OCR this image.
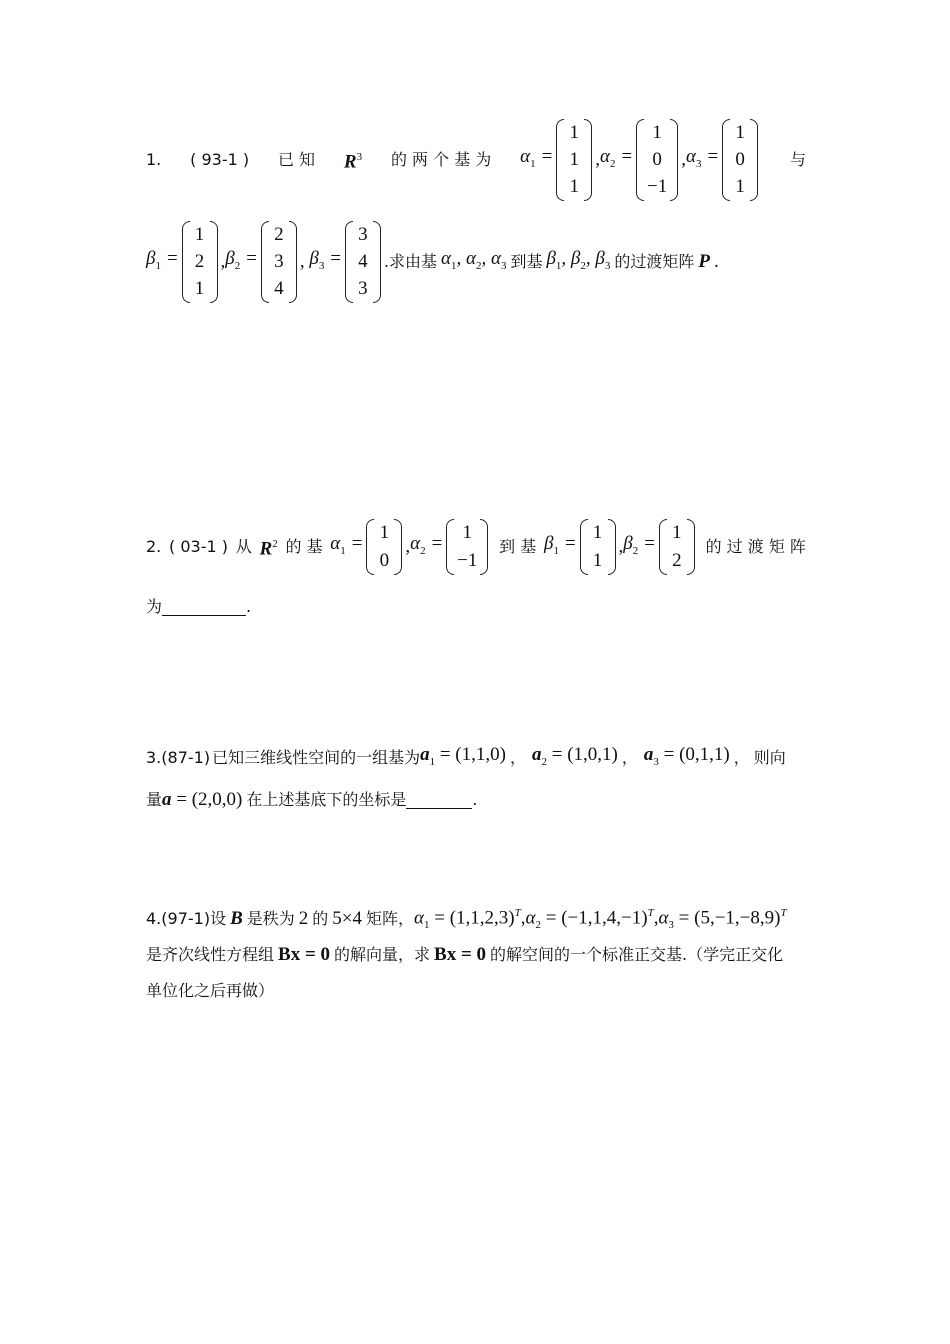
1. ( 93-1 ) 已 知 $R^3$ 的 两 个 基 为 $\alpha_1$ =
1
1
1
, $\alpha_2$ =
1
0
−1
, $\alpha_3$ =
1
0
1
与
$\beta_1$ =
1
2
1
, $\beta_2$ =
2
3
4
, $\beta_3$ =
3
4
3
.求由基 $\alpha_1$, $\alpha_2$, $\alpha_3$ 到基 $\beta_1$, $\beta_2$, $\beta_3$ 的过渡矩阵 P .
2. ( 03-1 ) 从 $R^2$ 的 基 $\alpha_1$ =
1
0
, $\alpha_2$ =
1
−1
到 基 $\beta_1$ =
1
1
, $\beta_2$ =
1
2
的 过 渡 矩 阵
为	.
3. (87-1) 已知三维线性空间的一组基为 $a_1 = (1,1,0)$ ， $a_2 = (1,0,1)$ ， $a_3 = (0,1,1)$ ， 则向
量 a = (2,0,0) 在上述基底下的坐标是	.
4. (97-1) 设 B 是秩为 2 的 5×4 矩阵， $\alpha_1 = (1,1,2,3)^T$, $\alpha_2 = (-1,1,4,-1)^T$, $\alpha_3 = (5,-1,-8,9)^T$
是齐次线性方程组 Bx = 0 的解向量，求 Bx = 0 的解空间的一个标准正交基.（学完正交化
单位化之后再做）
